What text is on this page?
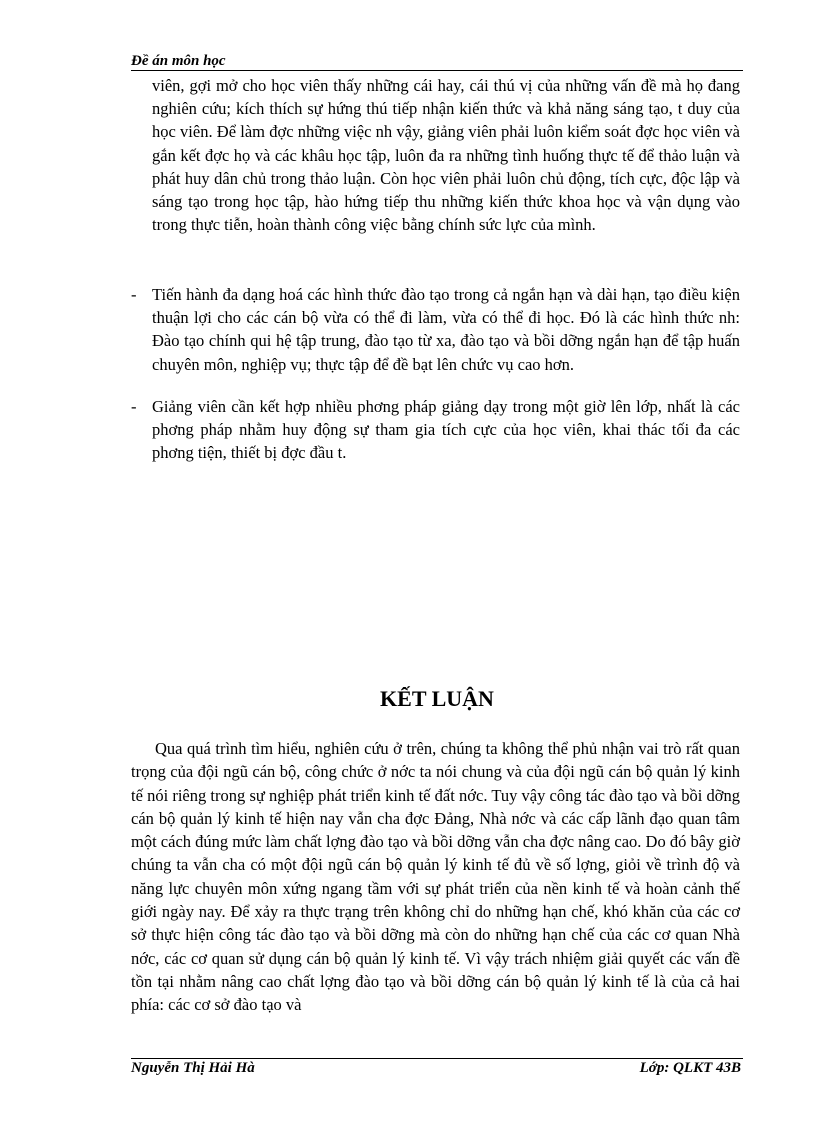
Đề án môn học
viên, gợi mở cho học viên thấy những cái hay, cái thú vị của những vấn đề mà họ đang nghiên cứu; kích thích sự hứng thú tiếp nhận kiến thức và khả năng sáng tạo, t duy của học viên. Để làm đợc những việc nh vậy, giảng viên phải luôn kiểm soát đợc học viên và gắn kết đợc họ và các khâu học tập, luôn đa ra những tình huống thực tế để thảo luận và phát huy dân chủ trong thảo luận. Còn học viên phải luôn chủ động, tích cực, độc lập và sáng tạo trong học tập, hào hứng tiếp thu những kiến thức khoa học và vận dụng vào trong thực tiễn, hoàn thành công việc bằng chính sức lực của mình.
- Tiến hành đa dạng hoá các hình thức đào tạo trong cả ngắn hạn và dài hạn, tạo điều kiện thuận lợi cho các cán bộ vừa có thể đi làm, vừa có thể đi học. Đó là các hình thức nh: Đào tạo chính qui hệ tập trung, đào tạo từ xa, đào tạo và bồi dỡng ngắn hạn để tập huấn chuyên môn, nghiệp vụ; thực tập để đề bạt lên chức vụ cao hơn.
- Giảng viên cần kết hợp nhiều phơng pháp giảng dạy trong một giờ lên lớp, nhất là các phơng pháp nhằm huy động sự tham gia tích cực của học viên, khai thác tối đa các phơng tiện, thiết bị đợc đầu t.
KẾT LUẬN

Qua quá trình tìm hiểu, nghiên cứu ở trên, chúng ta không thể phủ nhận vai trò rất quan trọng của đội ngũ cán bộ, công chức ở nớc ta nói chung và của đội ngũ cán bộ quản lý kinh tế nói riêng trong sự nghiệp phát triển kinh tế đất nớc. Tuy vậy công tác đào tạo và bồi dỡng cán bộ quản lý kinh tế hiện nay vẫn cha đợc Đảng, Nhà nớc và các cấp lãnh đạo quan tâm một cách đúng mức làm chất lợng đào tạo và bồi dỡng vẫn cha đợc nâng cao. Do đó bây giờ chúng ta vẫn cha có một đội ngũ cán bộ quản lý kinh tế đủ về số lợng, giỏi về trình độ và năng lực chuyên môn xứng ngang tầm với sự phát triển của nền kinh tế và hoàn cảnh thế giới ngày nay. Để xảy ra thực trạng trên không chỉ do những hạn chế, khó khăn của các cơ sở thực hiện công tác đào tạo và bồi dỡng mà còn do những hạn chế của các cơ quan Nhà nớc, các cơ quan sử dụng cán bộ quản lý kinh tế. Vì vậy trách nhiệm giải quyết các vấn đề tồn tại nhằm nâng cao chất lợng đào tạo và bồi dỡng cán bộ quản lý kinh tế là của cả hai phía: các cơ sở đào tạo và

Nguyễn Thị Hải Hà	Lớp: QLKT 43B
